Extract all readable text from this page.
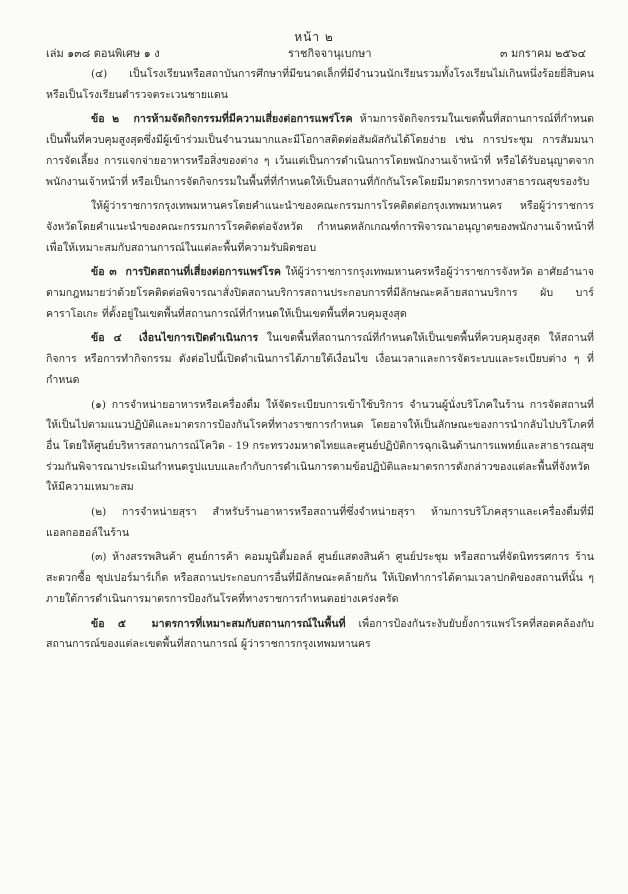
หน้า ๒
เล่ม ๑๓๘ ตอนพิเศษ ๑ ง	ราชกิจจานุเบกษา	๓ มกราคม ๒๕๖๔

(๔) เป็นโรงเรียนหรือสถาบันการศึกษาที่มีขนาดเล็กที่มีจำนวนนักเรียนรวมทั้งโรงเรียนไม่เกินหนึ่งร้อยยี่สิบคน หรือเป็นโรงเรียนตำรวจตระเวนชายแดน

ข้อ ๒ การห้ามจัดกิจกรรมที่มีความเสี่ยงต่อการแพร่โรค ห้ามการจัดกิจกรรมในเขตพื้นที่สถานการณ์ที่กำหนดเป็นพื้นที่ควบคุมสูงสุดซึ่งมีผู้เข้าร่วมเป็นจำนวนมากและมีโอกาสติดต่อสัมผัสกันได้โดยง่าย เช่น การประชุม การสัมมนา การจัดเลี้ยง การแจกจ่ายอาหารหรือสิ่งของต่าง ๆ เว้นแต่เป็นการดำเนินการโดยพนักงานเจ้าหน้าที่ หรือได้รับอนุญาตจากพนักงานเจ้าหน้าที่ หรือเป็นการจัดกิจกรรมในพื้นที่ที่กำหนดให้เป็นสถานที่กักกันโรคโดยมีมาตรการทางสาธารณสุขรองรับ

ให้ผู้ว่าราชการกรุงเทพมหานครโดยคำแนะนำของคณะกรรมการโรคติดต่อกรุงเทพมหานคร หรือผู้ว่าราชการจังหวัดโดยคำแนะนำของคณะกรรมการโรคติดต่อจังหวัด กำหนดหลักเกณฑ์การพิจารณาอนุญาตของพนักงานเจ้าหน้าที่เพื่อให้เหมาะสมกับสถานการณ์ในแต่ละพื้นที่ความรับผิดชอบ

ข้อ ๓ การปิดสถานที่เสี่ยงต่อการแพร่โรค ให้ผู้ว่าราชการกรุงเทพมหานครหรือผู้ว่าราชการจังหวัด อาศัยอำนาจตามกฎหมายว่าด้วยโรคติดต่อพิจารณาสั่งปิดสถานบริการสถานประกอบการที่มีลักษณะคล้ายสถานบริการ ผับ บาร์ คาราโอเกะ ที่ตั้งอยู่ในเขตพื้นที่สถานการณ์ที่กำหนดให้เป็นเขตพื้นที่ควบคุมสูงสุด

ข้อ ๔ เงื่อนไขการเปิดดำเนินการ ในเขตพื้นที่สถานการณ์ที่กำหนดให้เป็นเขตพื้นที่ควบคุมสูงสุด ให้สถานที่ กิจการ หรือการทำกิจกรรม ดังต่อไปนี้เปิดดำเนินการได้ภายใต้เงื่อนไข เงื่อนเวลาและการจัดระบบและระเบียบต่าง ๆ ที่กำหนด

(๑) การจำหน่ายอาหารหรือเครื่องดื่ม ให้จัดระเบียบการเข้าใช้บริการ จำนวนผู้นั่งบริโภคในร้าน การจัดสถานที่ให้เป็นไปตามแนวปฏิบัติและมาตรการป้องกันโรคที่ทางราชการกำหนด โดยอาจให้เป็นลักษณะของการนำกลับไปบริโภคที่อื่น โดยให้ศูนย์บริหารสถานการณ์โควิด - 19 กระทรวงมหาดไทยและศูนย์ปฏิบัติการฉุกเฉินด้านการแพทย์และสาธารณสุข ร่วมกันพิจารณาประเมินกำหนดรูปแบบและกำกับการดำเนินการตามข้อปฏิบัติและมาตรการดังกล่าวของแต่ละพื้นที่จังหวัดให้มีความเหมาะสม

(๒) การจำหน่ายสุรา สำหรับร้านอาหารหรือสถานที่ซึ่งจำหน่ายสุรา ห้ามการบริโภคสุราและเครื่องดื่มที่มีแอลกอฮอล์ในร้าน

(๓) ห้างสรรพสินค้า ศูนย์การค้า คอมมูนิตี้มอลล์ ศูนย์แสดงสินค้า ศูนย์ประชุม หรือสถานที่จัดนิทรรศการ ร้านสะดวกซื้อ ซุปเปอร์มาร์เก็ต หรือสถานประกอบการอื่นที่มีลักษณะคล้ายกัน ให้เปิดทำการได้ตามเวลาปกติของสถานที่นั้น ๆ ภายใต้การดำเนินการมาตรการป้องกันโรคที่ทางราชการกำหนดอย่างเคร่งครัด

ข้อ ๕ มาตรการที่เหมาะสมกับสถานการณ์ในพื้นที่ เพื่อการป้องกันระงับยับยั้งการแพร่โรคที่สอดคล้องกับสถานการณ์ของแต่ละเขตพื้นที่สถานการณ์ ผู้ว่าราชการกรุงเทพมหานคร
